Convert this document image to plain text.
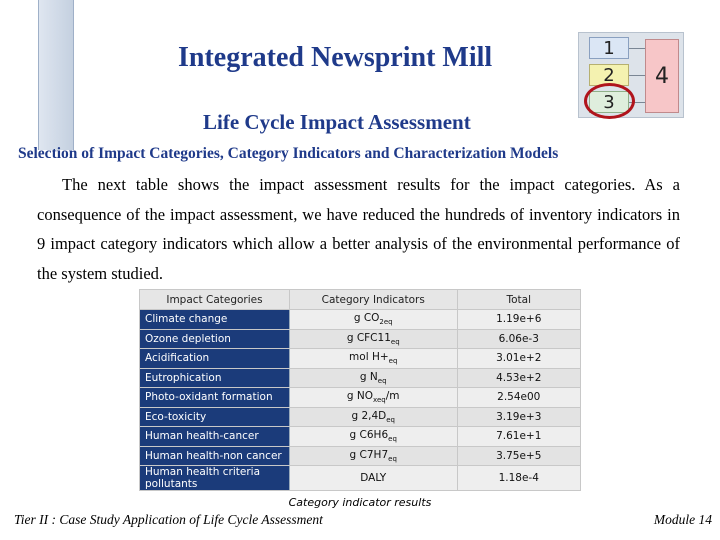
Integrated Newsprint Mill
Life Cycle Impact Assessment
1
2
3
4
Selection of Impact Categories, Category Indicators and Characterization Models

The next table shows the impact assessment results for the impact categories. As a consequence of the impact assessment, we have reduced the hundreds of inventory indicators in 9 impact category indicators which allow a better analysis of the environmental performance of the system studied.

Impact Categories	Category Indicators	Total
Climate change	g $CO_{2eq}$	1.19e+6
Ozone depletion	g $CFC11_{eq}$	6.06e-3
Acidification	mol $H+_{eq}$	3.01e+2
Eutrophication	g $N_{eq}$	4.53e+2
Photo-oxidant formation	g $NO_{xeq}/m$	2.54e00
Eco-toxicity	g $2,4D_{eq}$	3.19e+3
Human health-cancer	g $C6H6_{eq}$	7.61e+1
Human health-non cancer	g $C7H7_{eq}$	3.75e+5
Human health criteria pollutants	DALY	1.18e-4
Category indicator results
Tier II : Case Study Application of Life Cycle Assessment	Module 14
